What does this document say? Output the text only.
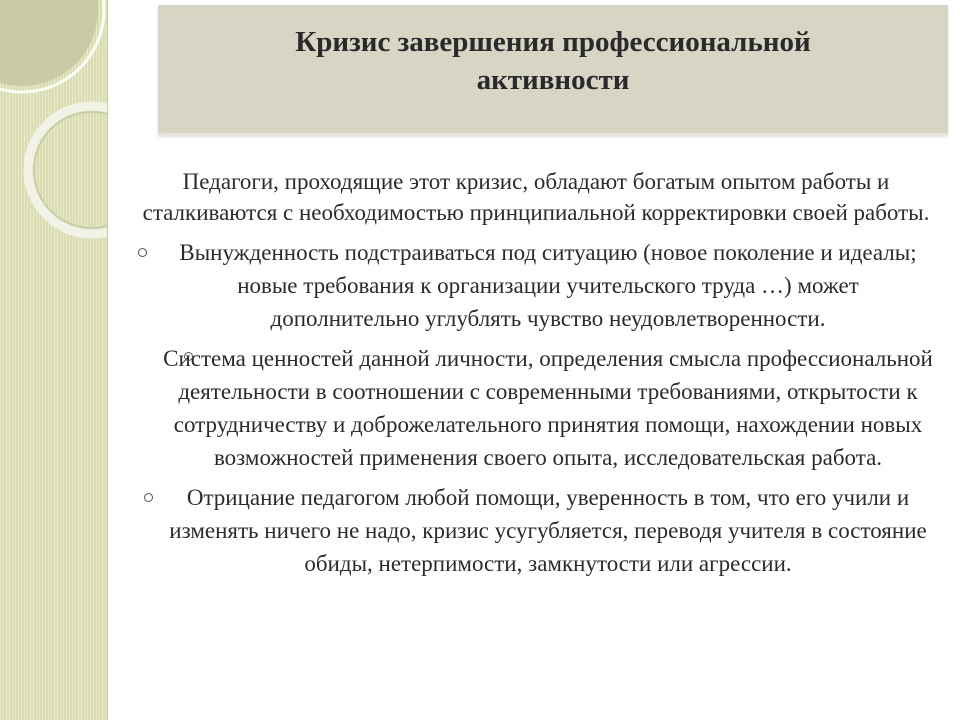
Кризис завершения профессиональной активности

Педагоги, проходящие этот кризис, обладают богатым опытом работы и сталкиваются с необходимостью принципиальной корректировки своей работы.

Вынужденность подстраиваться под ситуацию (новое поколение и идеалы; новые требования к организации учительского труда …) может дополнительно углублять чувство неудовлетворенности.
Система ценностей данной личности, определения смысла профессиональной деятельности в соотношении с современными требованиями, открытости к сотрудничеству и доброжелательного принятия помощи, нахождении новых возможностей применения своего опыта, исследовательская работа.
Отрицание педагогом любой помощи, уверенность в том, что его учили и изменять ничего не надо, кризис усугубляется, переводя учителя в состояние обиды, нетерпимости, замкнутости или агрессии.
